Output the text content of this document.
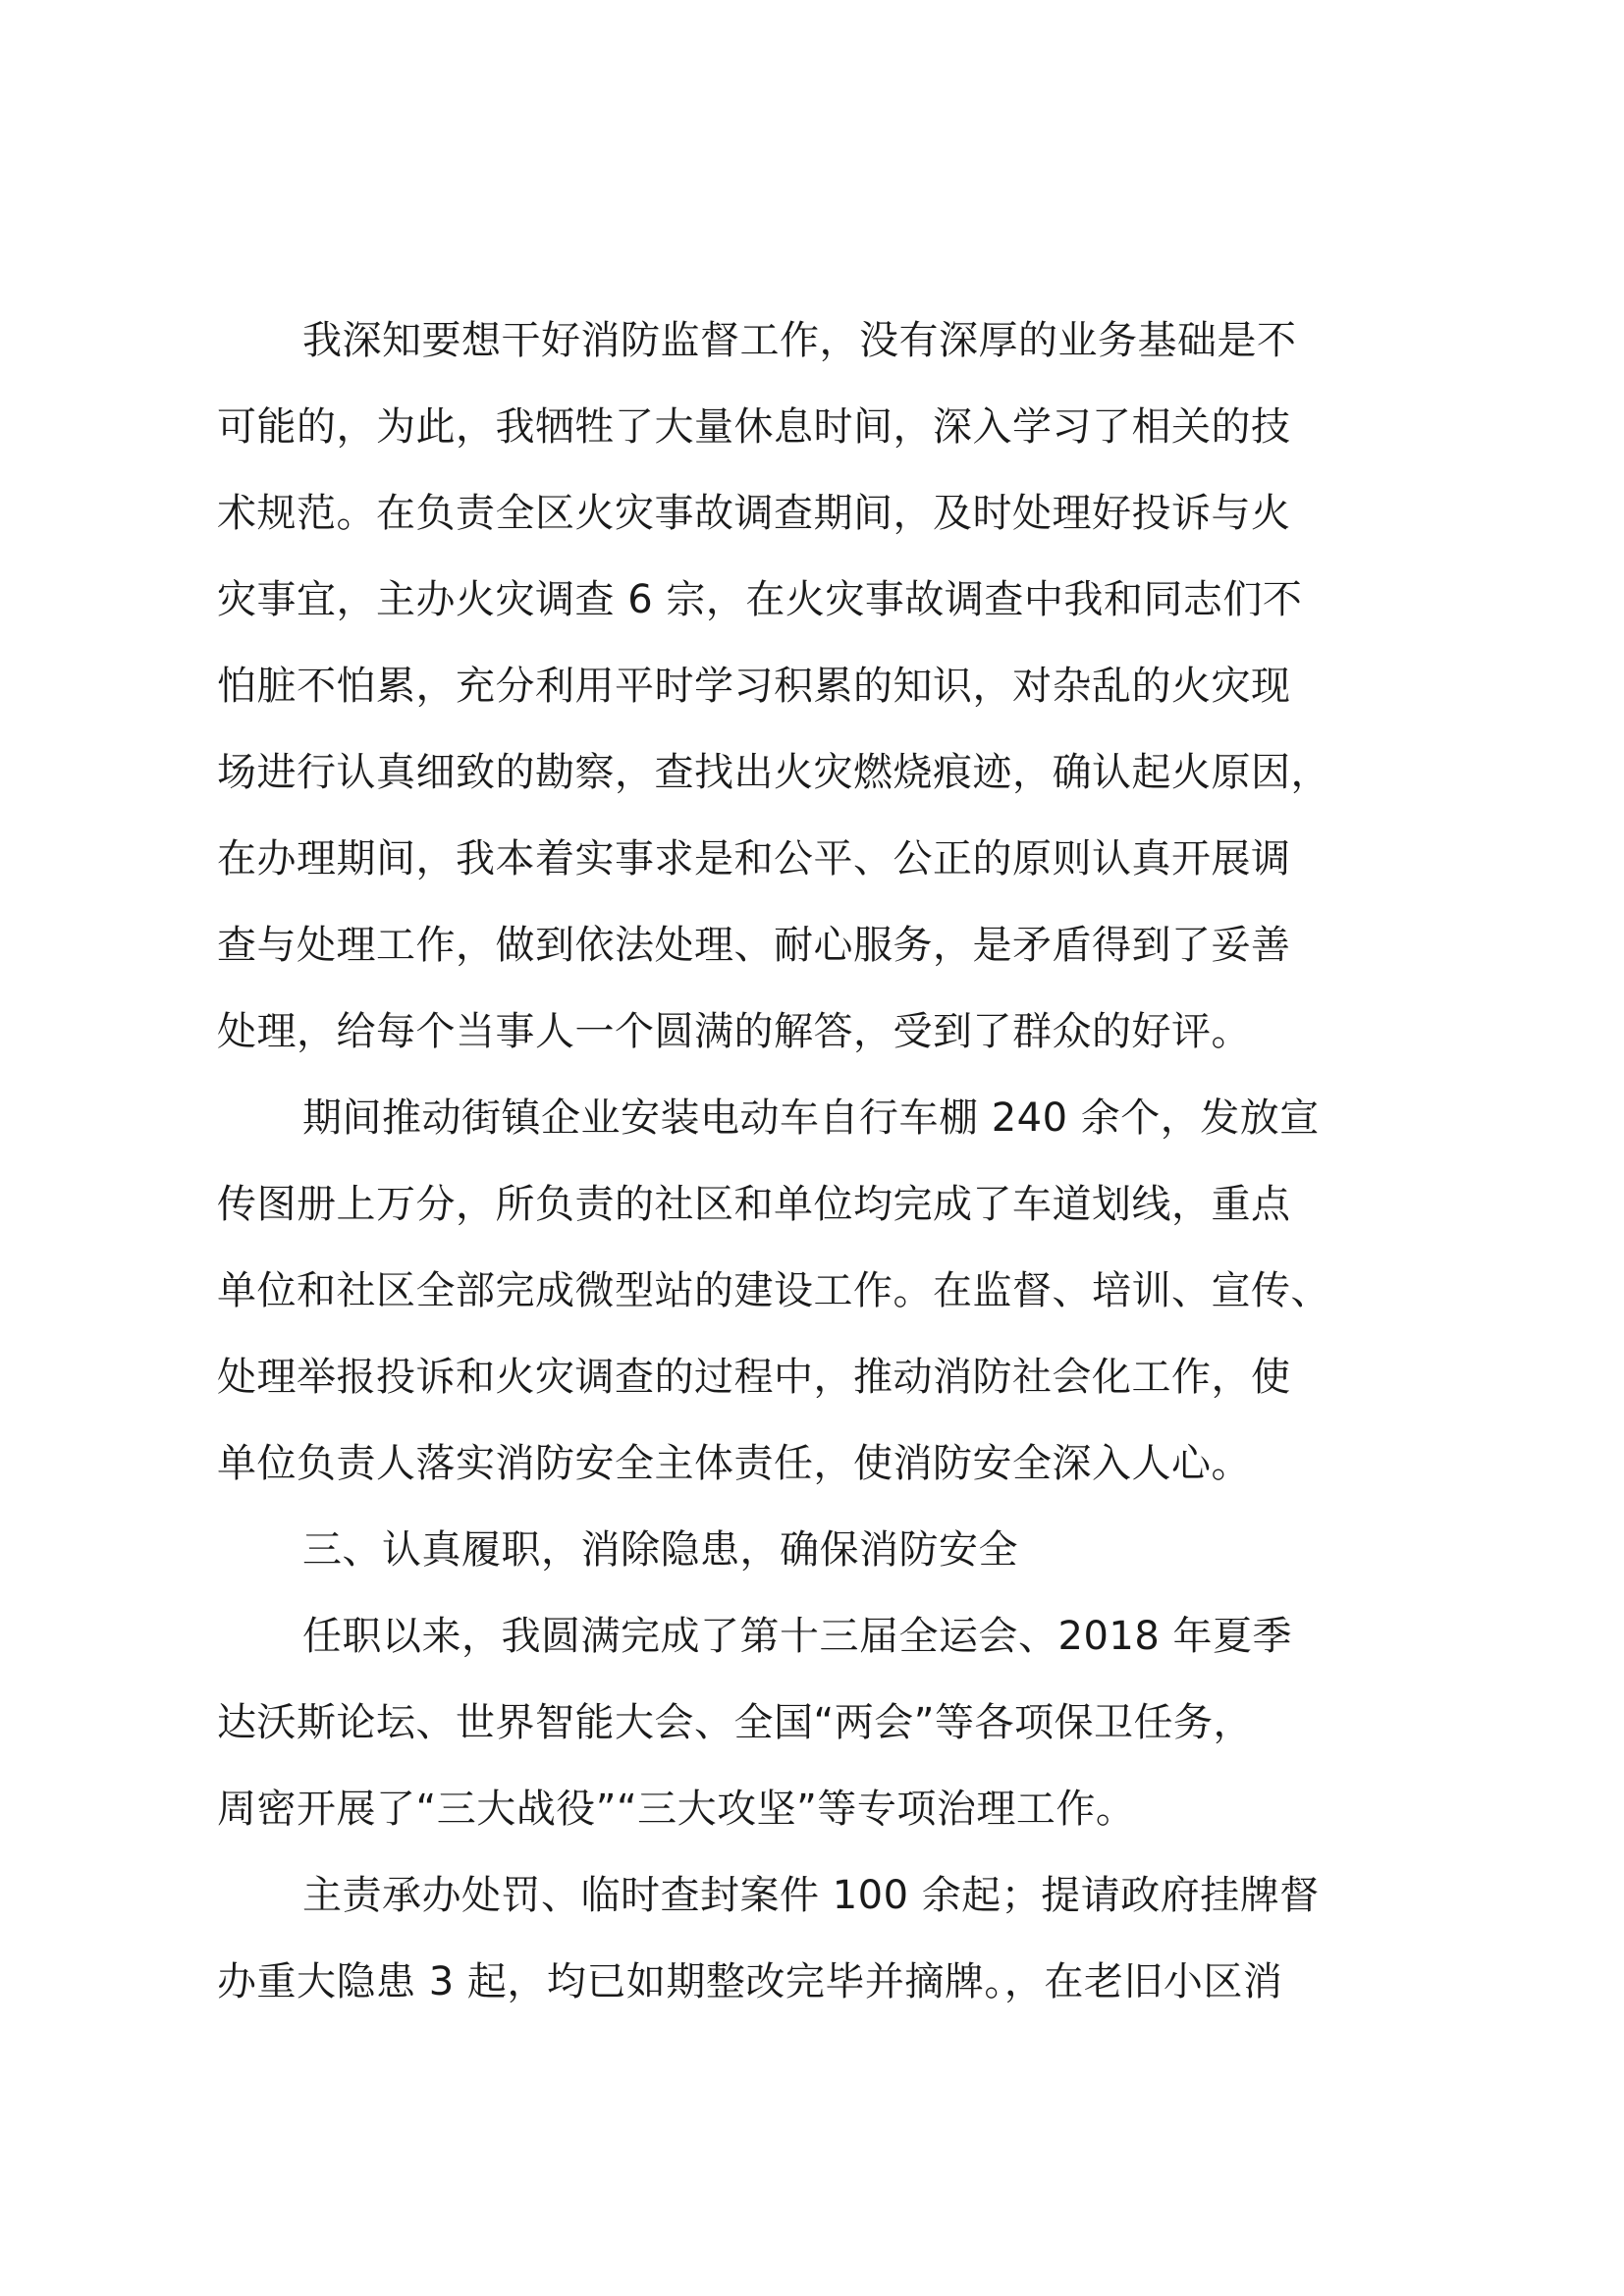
我深知要想干好消防监督工作，没有深厚的业务基础是不
可能的，为此，我牺牲了大量休息时间，深入学习了相关的技
术规范。在负责全区火灾事故调查期间，及时处理好投诉与火
灾事宜，主办火灾调查 6 宗，在火灾事故调查中我和同志们不
怕脏不怕累，充分利用平时学习积累的知识，对杂乱的火灾现
场进行认真细致的勘察，查找出火灾燃烧痕迹，确认起火原因，
在办理期间，我本着实事求是和公平、公正的原则认真开展调
查与处理工作，做到依法处理、耐心服务，是矛盾得到了妥善
处理，给每个当事人一个圆满的解答，受到了群众的好评。
期间推动街镇企业安装电动车自行车棚 240 余个，发放宣
传图册上万分，所负责的社区和单位均完成了车道划线，重点
单位和社区全部完成微型站的建设工作。在监督、培训、宣传、
处理举报投诉和火灾调查的过程中，推动消防社会化工作，使
单位负责人落实消防安全主体责任，使消防安全深入人心。
三、认真履职，消除隐患，确保消防安全
任职以来，我圆满完成了第十三届全运会、2018 年夏季
达沃斯论坛、世界智能大会、全国“两会”等各项保卫任务，
周密开展了“三大战役”“三大攻坚”等专项治理工作。
主责承办处罚、临时查封案件 100 余起；提请政府挂牌督
办重大隐患 3 起，均已如期整改完毕并摘牌。，在老旧小区消
